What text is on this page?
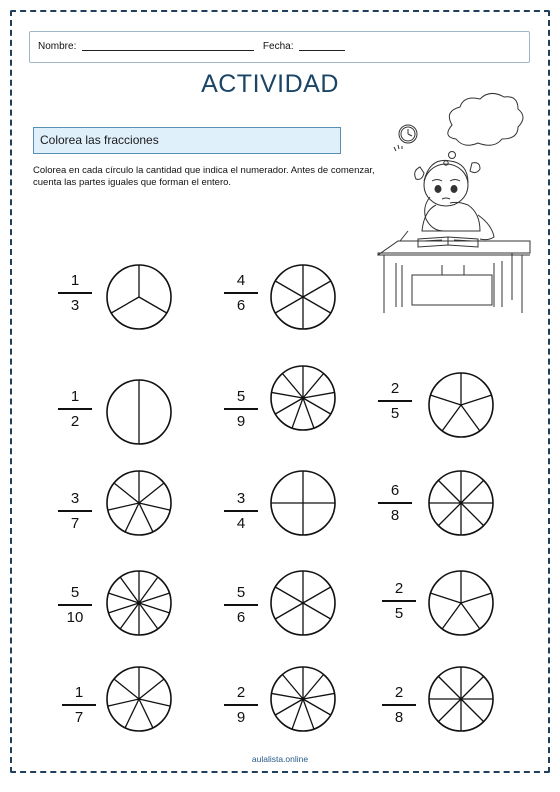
Nombre:	Fecha:
ACTIVIDAD
Colorea las fracciones
Colorea en cada círculo la cantidad que indica el numerador. Antes de comenzar, cuenta las partes iguales que forman el entero.
1
3
4
6
1
2
5
9
2
5
3
7
3
4
6
8
5
10
5
6
2
5
1
7
2
9
2
8
aulalista.online
